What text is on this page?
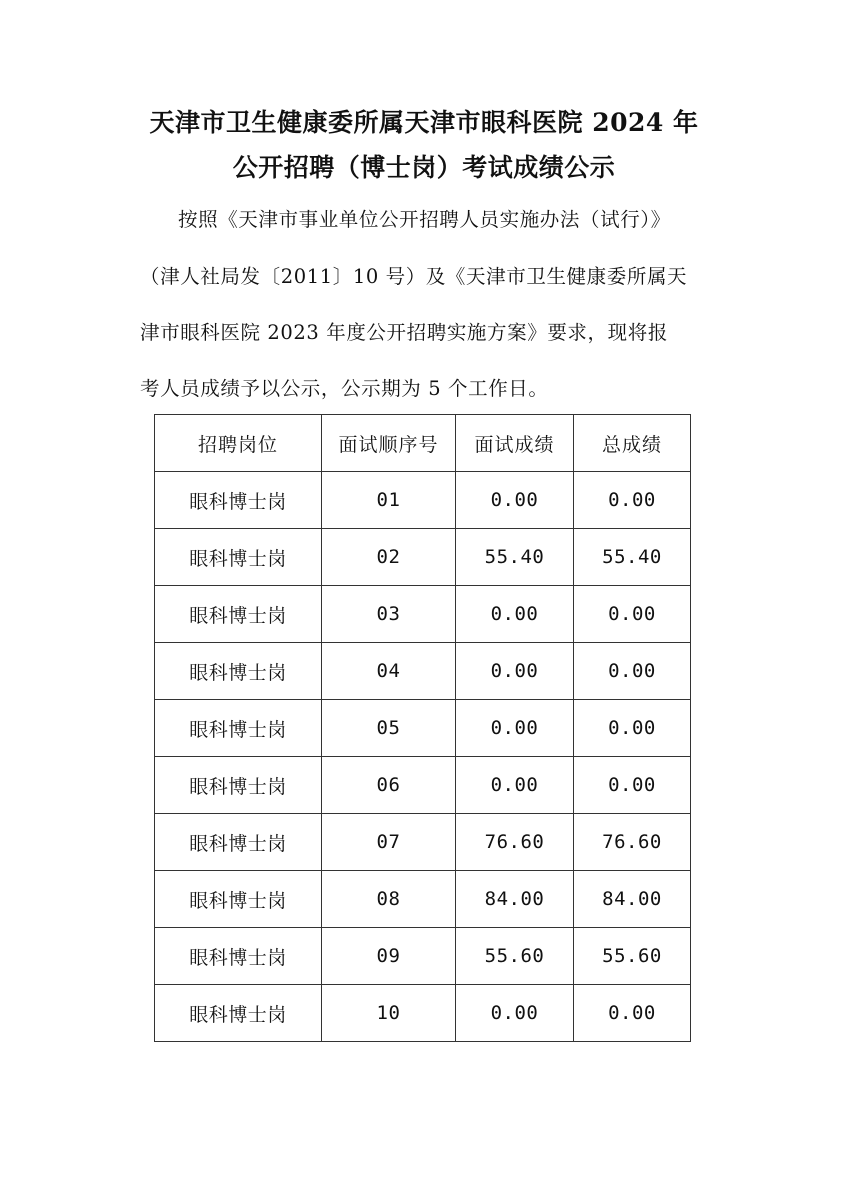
天津市卫生健康委所属天津市眼科医院 2024 年
公开招聘（博士岗）考试成绩公示
按照《天津市事业单位公开招聘人员实施办法（试行）》
（津人社局发〔2011〕10 号）及《天津市卫生健康委所属天
津市眼科医院 2023 年度公开招聘实施方案》要求，现将报
考人员成绩予以公示，公示期为 5 个工作日。
招聘岗位	面试顺序号	面试成绩	总成绩
眼科博士岗	01	0.00	0.00
眼科博士岗	02	55.40	55.40
眼科博士岗	03	0.00	0.00
眼科博士岗	04	0.00	0.00
眼科博士岗	05	0.00	0.00
眼科博士岗	06	0.00	0.00
眼科博士岗	07	76.60	76.60
眼科博士岗	08	84.00	84.00
眼科博士岗	09	55.60	55.60
眼科博士岗	10	0.00	0.00
